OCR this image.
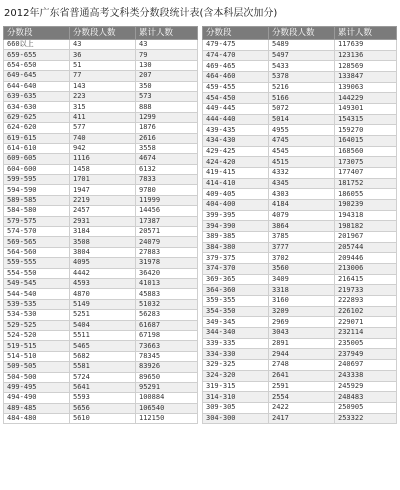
2012年广东省普通高考文科类分数段统计表(含本科层次加分)
分数段	分数段人数	累计人数
660以上	43	43
659-655	36	79
654-650	51	130
649-645	77	207
644-640	143	350
639-635	223	573
634-630	315	888
629-625	411	1299
624-620	577	1876
619-615	740	2616
614-610	942	3558
609-605	1116	4674
604-600	1458	6132
599-595	1701	7833
594-590	1947	9780
589-585	2219	11999
584-580	2457	14456
579-575	2931	17387
574-570	3184	20571
569-565	3508	24079
564-560	3804	27883
559-555	4095	31978
554-550	4442	36420
549-545	4593	41013
544-540	4870	45883
539-535	5149	51032
534-530	5251	56283
529-525	5404	61687
524-520	5511	67198
519-515	5465	73663
514-510	5682	78345
509-505	5581	83926
504-500	5724	89650
499-495	5641	95291
494-490	5593	100884
489-485	5656	106540
484-480	5610	112150
分数段	分数段人数	累计人数
479-475	5489	117639
474-470	5497	123136
469-465	5433	128569
464-460	5378	133847
459-455	5216	139063
454-450	5166	144229
449-445	5072	149301
444-440	5014	154315
439-435	4955	159270
434-430	4745	164015
429-425	4545	168560
424-420	4515	173075
419-415	4332	177407
414-410	4345	181752
409-405	4303	186055
404-400	4184	190239
399-395	4079	194318
394-390	3864	198182
389-385	3785	201967
384-380	3777	205744
379-375	3702	209446
374-370	3560	213006
369-365	3409	216415
364-360	3318	219733
359-355	3160	222893
354-350	3209	226102
349-345	2969	229071
344-340	3043	232114
339-335	2891	235005
334-330	2944	237949
329-325	2748	240697
324-320	2641	243338
319-315	2591	245929
314-310	2554	248483
309-305	2422	250905
304-300	2417	253322
